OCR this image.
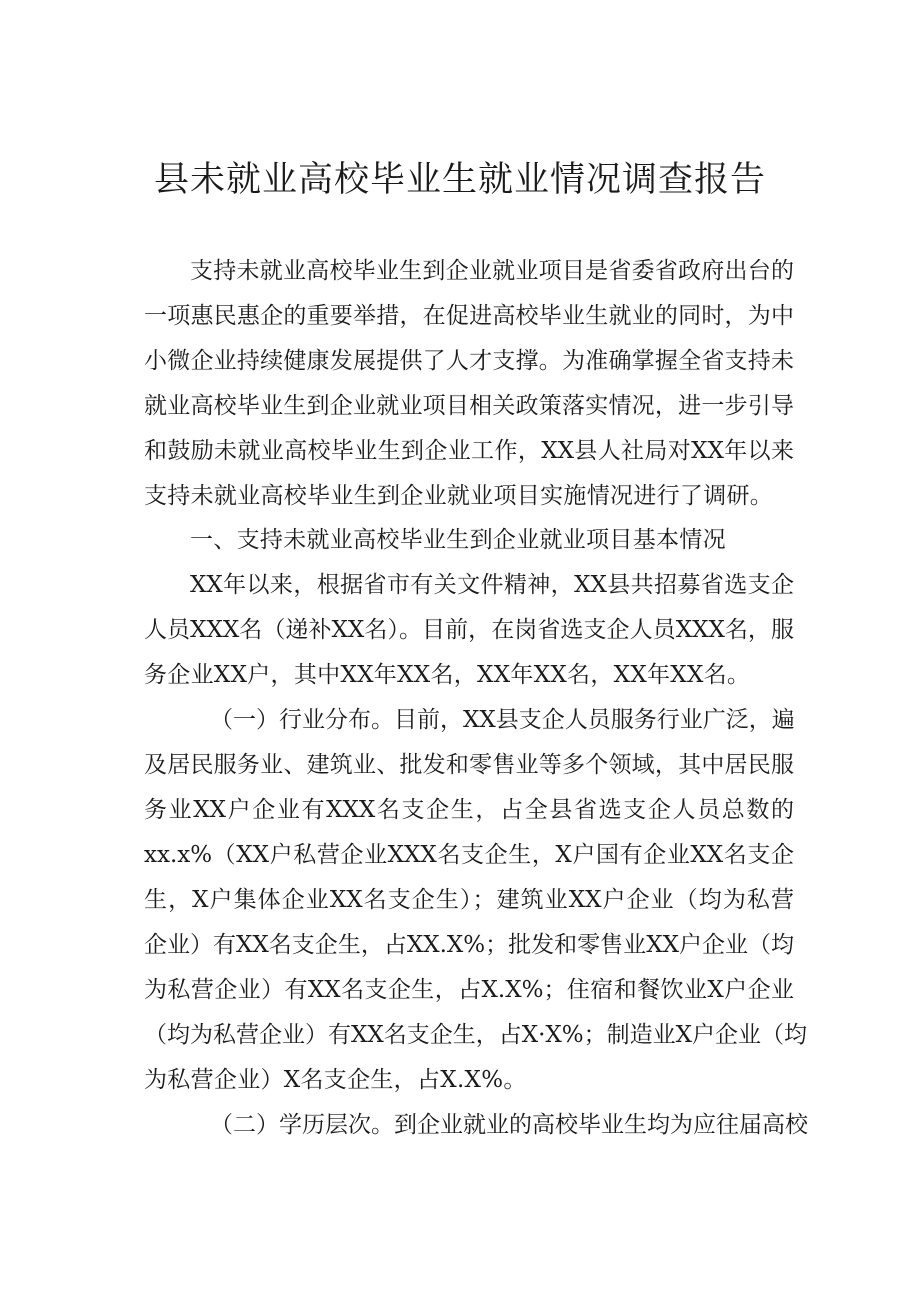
县未就业高校毕业生就业情况调查报告
支持未就业高校毕业生到企业就业项目是省委省政府出台的
一项惠民惠企的重要举措，在促进高校毕业生就业的同时，为中
小微企业持续健康发展提供了人才支撑。为准确掌握全省支持未
就业高校毕业生到企业就业项目相关政策落实情况，进一步引导
和鼓励未就业高校毕业生到企业工作，XX县人社局对XX年以来
支持未就业高校毕业生到企业就业项目实施情况进行了调研。
一、支持未就业高校毕业生到企业就业项目基本情况
XX年以来，根据省市有关文件精神，XX县共招募省选支企
人员XXX名（递补XX名）。目前，在岗省选支企人员XXX名，服
务企业XX户，其中XX年XX名，XX年XX名，XX年XX名。
（一）行业分布。目前，XX县支企人员服务行业广泛，遍
及居民服务业、建筑业、批发和零售业等多个领域，其中居民服
务业XX户企业有XXX名支企生，占全县省选支企人员总数的
xx.x%（XX户私营企业XXX名支企生，X户国有企业XX名支企
生，X户集体企业XX名支企生）；建筑业XX户企业（均为私营
企业）有XX名支企生，占XX.X%；批发和零售业XX户企业（均
为私营企业）有XX名支企生，占X.X%；住宿和餐饮业X户企业
（均为私营企业）有XX名支企生，占X·X%；制造业X户企业（均
为私营企业）X名支企生，占X.X%。
（二）学历层次。到企业就业的高校毕业生均为应往届高校
